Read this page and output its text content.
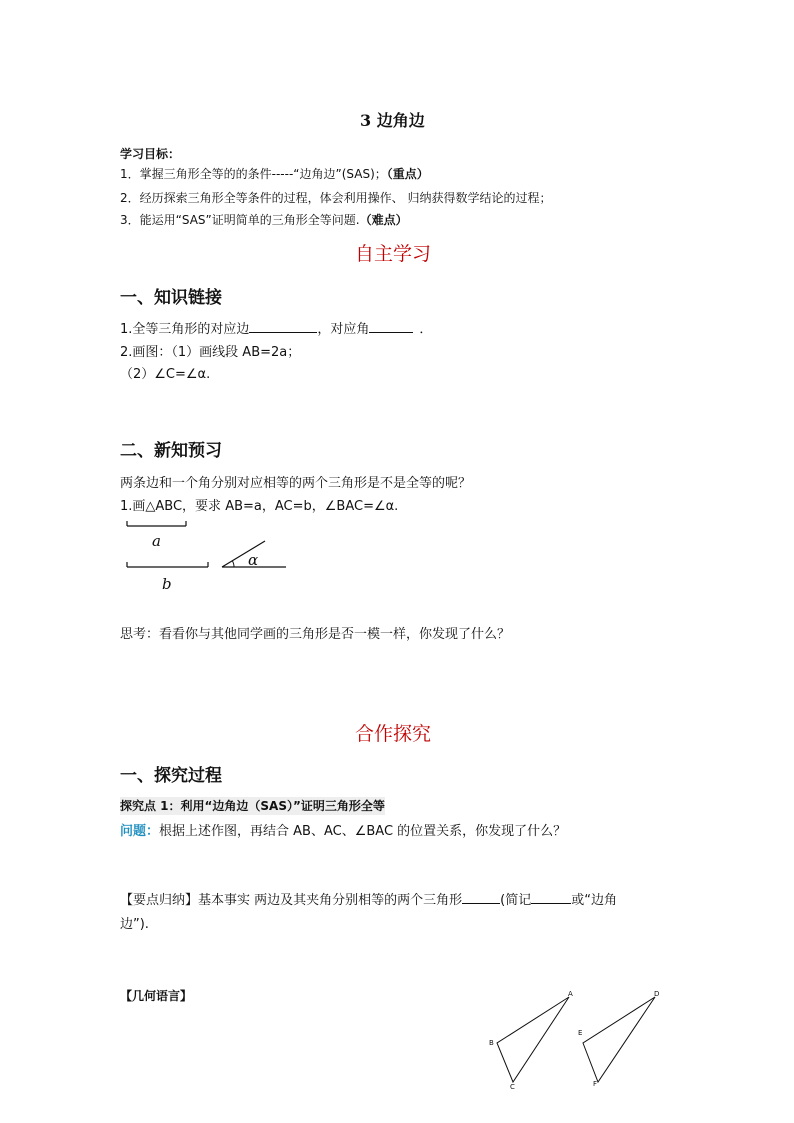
3 边角边
学习目标：
1．掌握三角形全等的的条件-----“边角边”(SAS)；（重点）
2．经历探索三角形全等条件的过程，体会利用操作、 归纳获得数学结论的过程；
3．能运用“SAS”证明简单的三角形全等问题.（难点）
自主学习
一、知识链接
1.全等三角形的对应边	，对应角	．
2.画图：（1）画线段 AB=2a；
（2）∠C=∠α.
二、新知预习
两条边和一个角分别对应相等的两个三角形是不是全等的呢？
1.画△ABC，要求 AB=a，AC=b，∠BAC=∠α.
a
b
α
思考：看看你与其他同学画的三角形是否一模一样，你发现了什么？
合作探究
一、探究过程
探究点 1：利用“边角边（SAS）”证明三角形全等
问题：根据上述作图，再结合 AB、AC、∠BAC 的位置关系，你发现了什么？
【要点归纳】基本事实 两边及其夹角分别相等的两个三角形	(简记	或“边角
边”).
【几何语言】	A
B
C
D
E
F
